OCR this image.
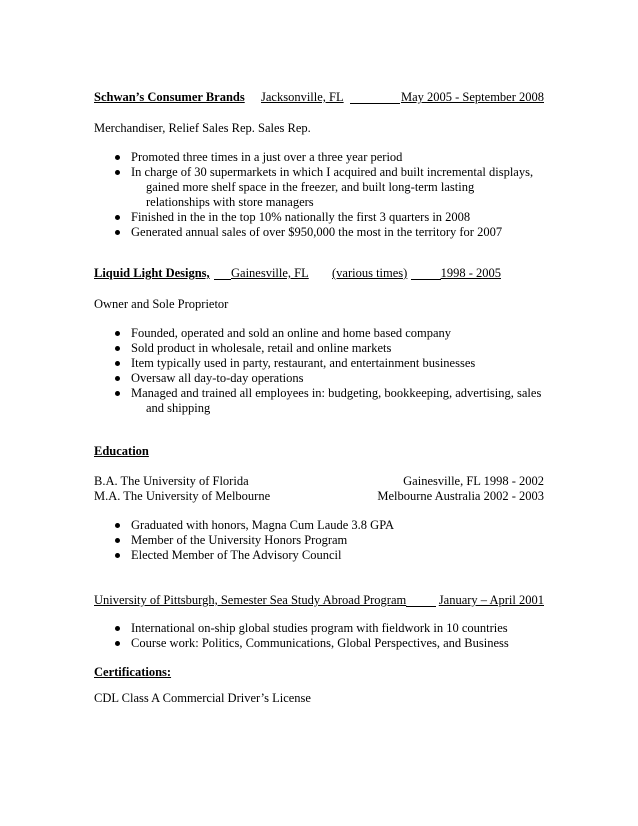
Schwan’s Consumer Brands Jacksonville, FL	May 2005 - September 2008
Merchandiser, Relief Sales Rep. Sales Rep.
Promoted three times in a just over a three year period
In charge of 30 supermarkets in which I acquired and built incremental displays, gained more shelf space in the freezer, and built long-term lasting relationships with store managers
Finished in the in the top 10% nationally the first 3 quarters in 2008
Generated annual sales of over $950,000 the most in the territory for 2007
Liquid Light Designs, Gainesville, FL (various times)	1998 - 2005
Owner and Sole Proprietor
Founded, operated and sold an online and home based company
Sold product in wholesale, retail and online markets
Item typically used in party, restaurant, and entertainment businesses
Oversaw all day-to-day operations
Managed and trained all employees in: budgeting, bookkeeping, advertising, sales and shipping
Education
B.A. The University of Florida	Gainesville, FL 1998 - 2002
M.A. The University of Melbourne	Melbourne Australia 2002 - 2003
Graduated with honors, Magna Cum Laude 3.8 GPA
Member of the University Honors Program
Elected Member of The Advisory Council
University of Pittsburgh, Semester Sea Study Abroad Program	January – April 2001
International on-ship global studies program with fieldwork in 10 countries
Course work: Politics, Communications, Global Perspectives, and Business
Certifications:
CDL Class A Commercial Driver’s License
